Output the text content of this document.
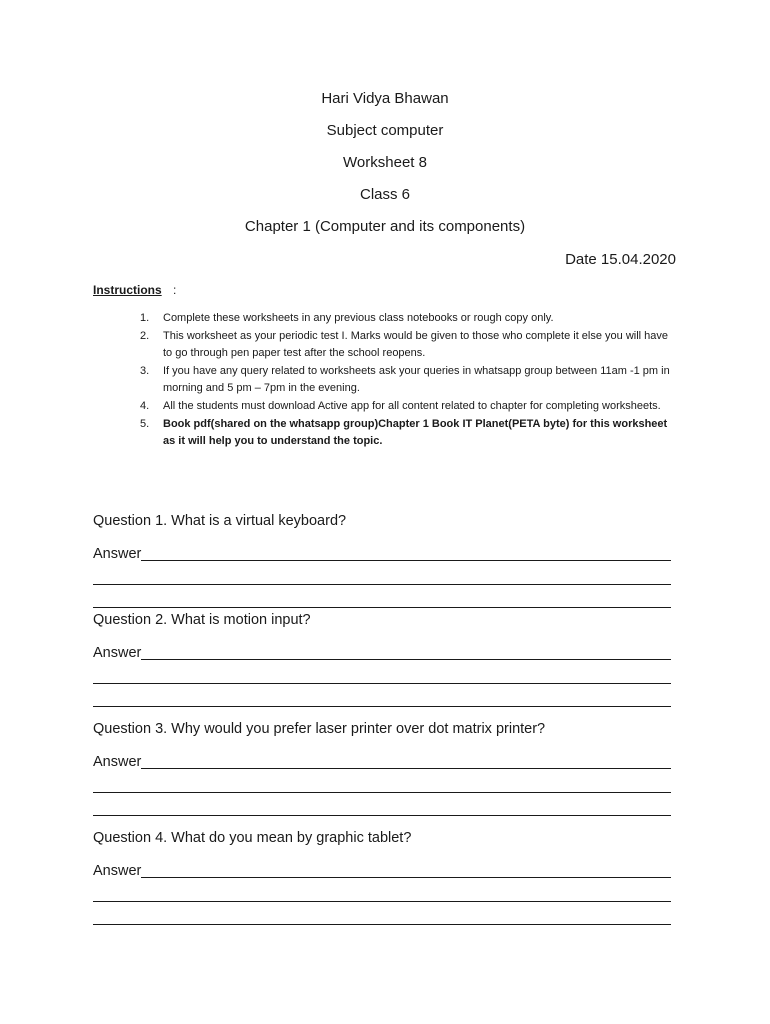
Hari Vidya Bhawan
Subject computer
Worksheet 8
Class 6
Chapter 1 (Computer and its components)
Date 15.04.2020
Instructions :
1. Complete these worksheets in any previous class notebooks or rough copy only.
2. This worksheet as your periodic test I. Marks would be given to those who complete it else you will have to go through pen paper test after the school reopens.
3. If you have any query related to worksheets ask your queries in whatsapp group between 11am -1 pm in morning and 5 pm – 7pm in the evening.
4. All the students must download Active app for all content related to chapter for completing worksheets.
5. Book pdf(shared on the whatsapp group)Chapter 1 Book IT Planet(PETA byte) for this worksheet as it will help you to understand the topic.
Question 1. What is a virtual keyboard?
Answer
Question 2. What is motion input?
Answer
Question 3. Why would you prefer laser printer over dot matrix printer?
Answer
Question 4. What do you mean by graphic tablet?
Answer
